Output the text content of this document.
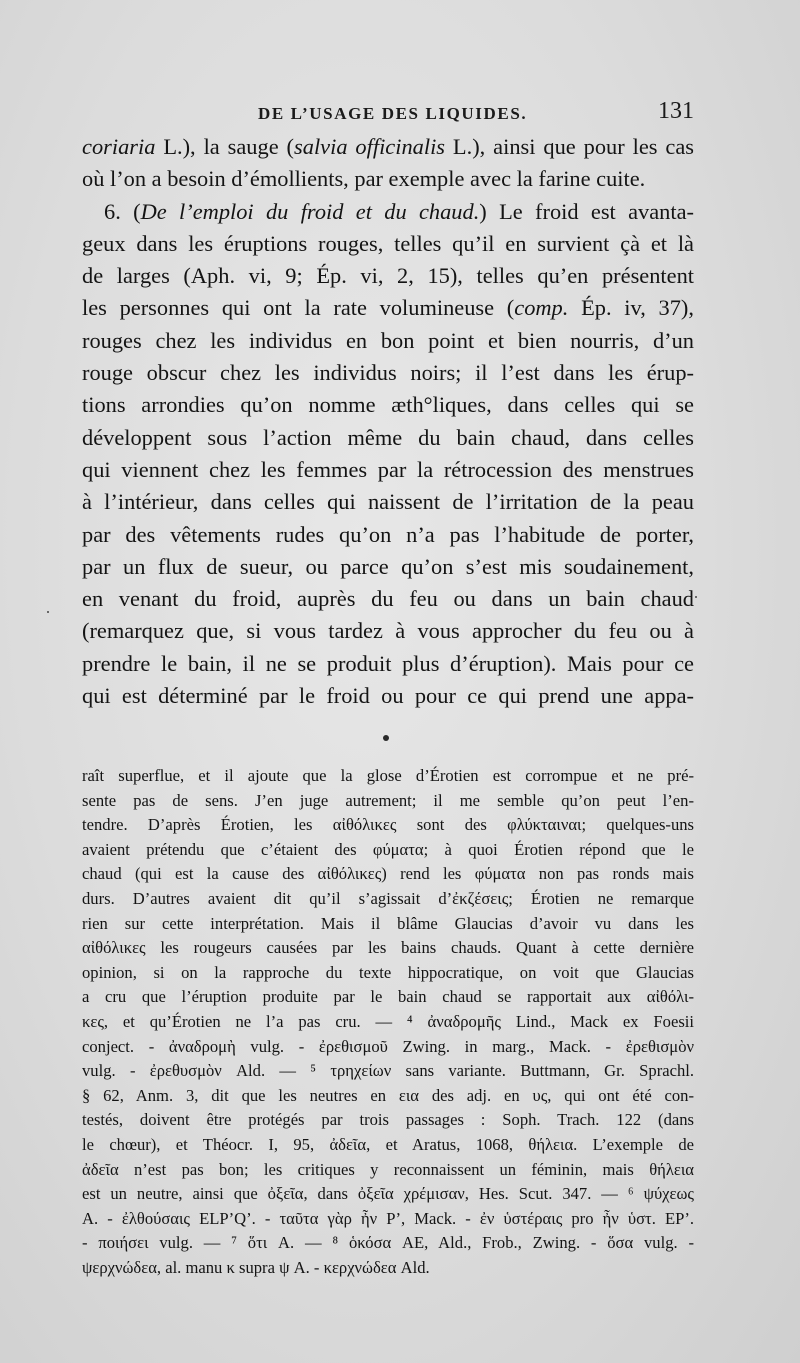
DE L’USAGE DES LIQUIDES.	131
coriaria L.), la sauge (salvia officinalis L.), ainsi que pour les cas
où l’on a besoin d’émollients, par exemple avec la farine cuite.
6. (De l’emploi du froid et du chaud.) Le froid est avanta-
geux dans les éruptions rouges, telles qu’il en survient çà et là
de larges (Aph. vi, 9; Ép. vi, 2, 15), telles qu’en présentent
les personnes qui ont la rate volumineuse (comp. Ép. iv, 37),
rouges chez les individus en bon point et bien nourris, d’un
rouge obscur chez les individus noirs; il l’est dans les érup-
tions arrondies qu’on nomme æth°liques, dans celles qui se
développent sous l’action même du bain chaud, dans celles
qui viennent chez les femmes par la rétrocession des menstrues
à l’intérieur, dans celles qui naissent de l’irritation de la peau
par des vêtements rudes qu’on n’a pas l’habitude de porter,
par un flux de sueur, ou parce qu’on s’est mis soudainement,
en venant du froid, auprès du feu ou dans un bain chaud
(remarquez que, si vous tardez à vous approcher du feu ou à
prendre le bain, il ne se produit plus d’éruption). Mais pour ce
qui est déterminé par le froid ou pour ce qui prend une appa-
raît superflue, et il ajoute que la glose d’Érotien est corrompue et ne pré-
sente pas de sens. J’en juge autrement; il me semble qu’on peut l’en-
tendre. D’après Érotien, les αἰθόλικες sont des φλύκταιναι; quelques-uns
avaient prétendu que c’étaient des φύματα; à quoi Érotien répond que le
chaud (qui est la cause des αἰθόλικες) rend les φύματα non pas ronds mais
durs. D’autres avaient dit qu’il s’agissait d’ἐκζέσεις; Érotien ne remarque
rien sur cette interprétation. Mais il blâme Glaucias d’avoir vu dans les
αἰθόλικες les rougeurs causées par les bains chauds. Quant à cette dernière
opinion, si on la rapproche du texte hippocratique, on voit que Glaucias
a cru que l’éruption produite par le bain chaud se rapportait aux αἰθόλι-
κες, et qu’Érotien ne l’a pas cru. — ⁴ ἀναδρομῆς Lind., Mack ex Foesii
conject. - ἀναδρομὴ vulg. - ἐρεθισμοῦ Zwing. in marg., Mack. - ἐρεθισμὸν
vulg. - ἐρεθυσμὸν Ald. — ⁵ τρηχείων sans variante. Buttmann, Gr. Sprachl.
§ 62, Anm. 3, dit que les neutres en εια des adj. en υς, qui ont été con-
testés, doivent être protégés par trois passages : Soph. Trach. 122 (dans
le chœur), et Théocr. I, 95, ἀδεῖα, et Aratus, 1068, θήλεια. L’exemple de
ἀδεῖα n’est pas bon; les critiques y reconnaissent un féminin, mais θήλεια
est un neutre, ainsi que ὀξεῖα, dans ὀξεῖα χρέμισαν, Hes. Scut. 347. — ⁶ ψύχεως
A. - ἐλθούσαις ELP’Q’. - ταῦτα γὰρ ἦν P’, Mack. - ἐν ὑστέραις pro ἦν ὑστ. EP’.
- ποιήσει vulg. — ⁷ ὅτι A. — ⁸ ὁκόσα AE, Ald., Frob., Zwing. - ὅσα vulg. -
ψερχνώδεα, al. manu κ supra ψ A. - κερχνώδεα Ald.
